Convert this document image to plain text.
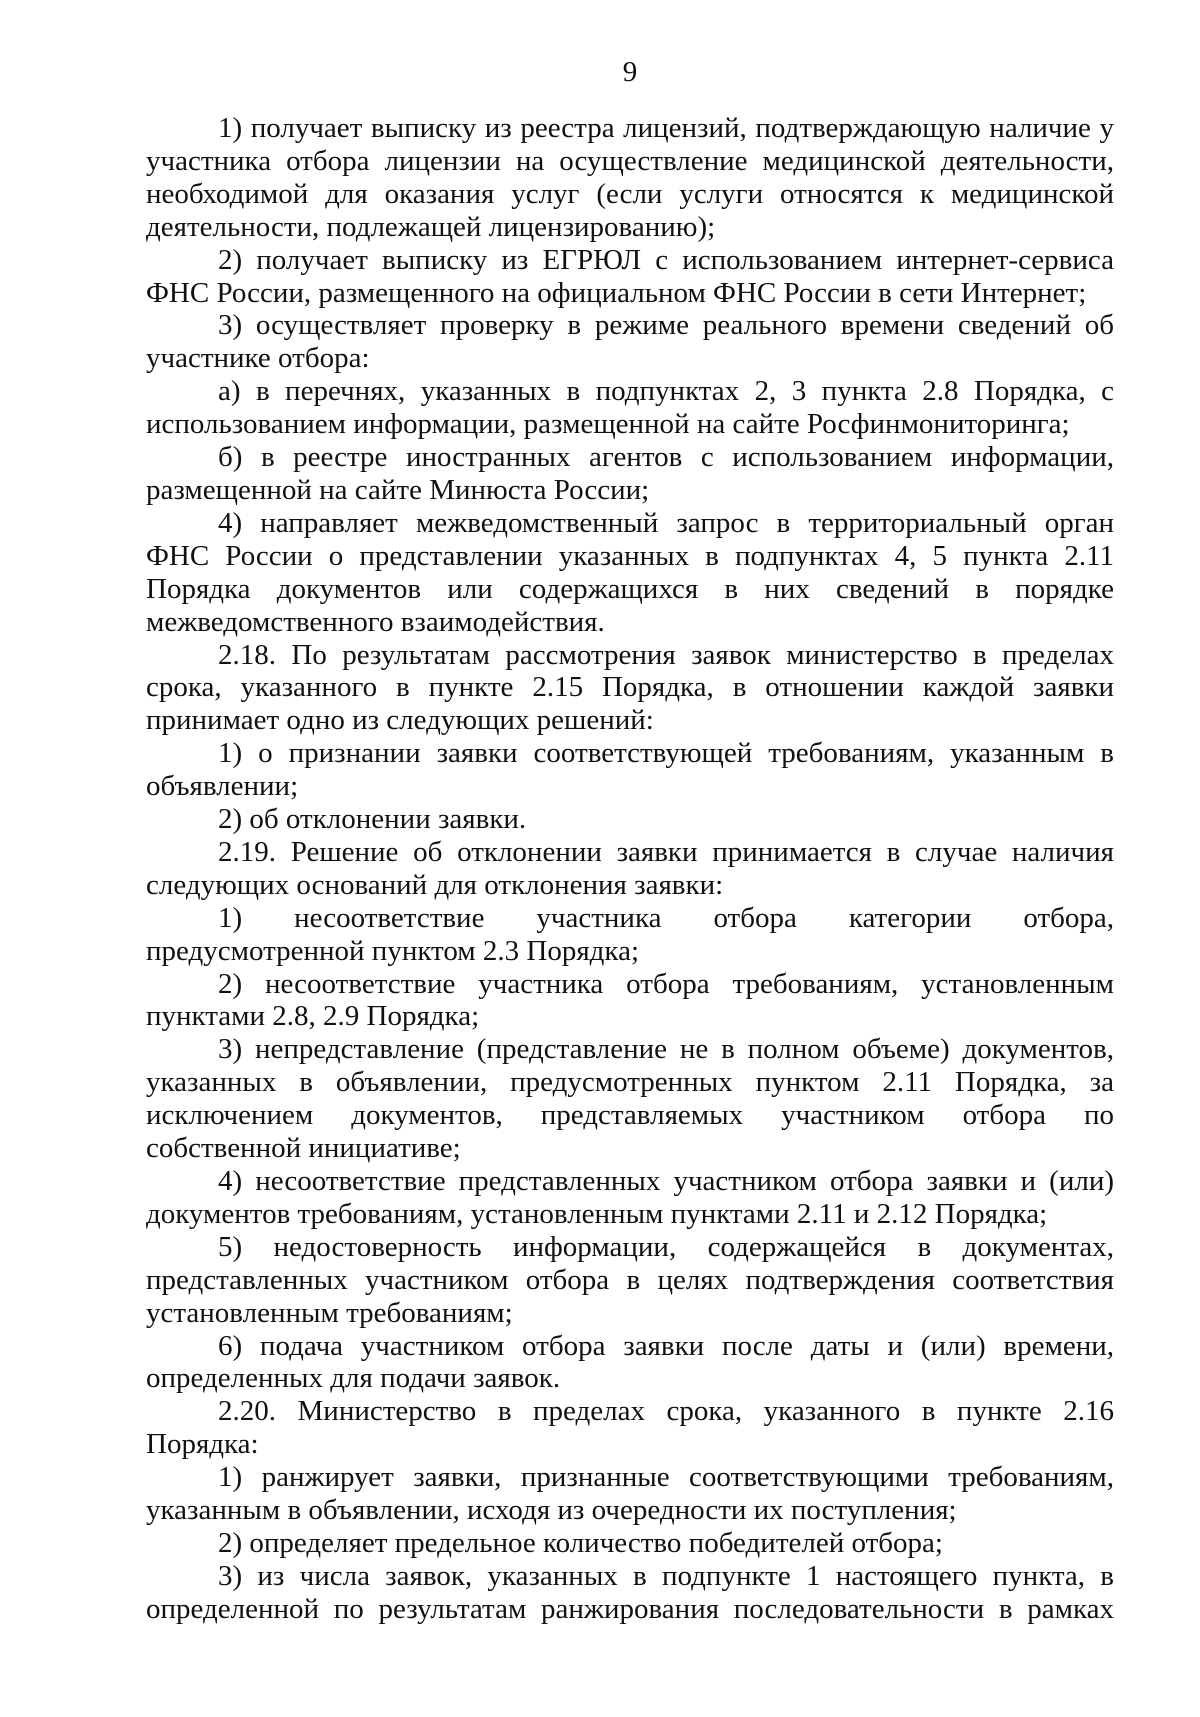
9

1) получает выписку из реестра лицензий, подтверждающую наличие у участника отбора лицензии на осуществление медицинской деятельности, необходимой для оказания услуг (если услуги относятся к медицинской деятельности, подлежащей лицензированию);

2) получает выписку из ЕГРЮЛ с использованием интернет-сервиса ФНС России, размещенного на официальном ФНС России в сети Интернет;

3) осуществляет проверку в режиме реального времени сведений об участнике отбора:

а) в перечнях, указанных в подпунктах 2, 3 пункта 2.8 Порядка, с использованием информации, размещенной на сайте Росфинмониторинга;

б) в реестре иностранных агентов с использованием информации, размещенной на сайте Минюста России;

4) направляет межведомственный запрос в территориальный орган ФНС России о представлении указанных в подпунктах 4, 5 пункта 2.11 Порядка документов или содержащихся в них сведений в порядке межведомственного взаимодействия.

2.18. По результатам рассмотрения заявок министерство в пределах срока, указанного в пункте 2.15 Порядка, в отношении каждой заявки принимает одно из следующих решений:

1) о признании заявки соответствующей требованиям, указанным в объявлении;

2) об отклонении заявки.

2.19. Решение об отклонении заявки принимается в случае наличия следующих оснований для отклонения заявки:

1) несоответствие участника отбора категории отбора, предусмотренной пунктом 2.3 Порядка;

2) несоответствие участника отбора требованиям, установленным пунктами 2.8, 2.9 Порядка;

3) непредставление (представление не в полном объеме) документов, указанных в объявлении, предусмотренных пунктом 2.11 Порядка, за исключением документов, представляемых участником отбора по собственной инициативе;

4) несоответствие представленных участником отбора заявки и (или) документов требованиям, установленным пунктами 2.11 и 2.12 Порядка;

5) недостоверность информации, содержащейся в документах, представленных участником отбора в целях подтверждения соответствия установленным требованиям;

6) подача участником отбора заявки после даты и (или) времени, определенных для подачи заявок.

2.20. Министерство в пределах срока, указанного в пункте 2.16 Порядка:

1) ранжирует заявки, признанные соответствующими требованиям, указанным в объявлении, исходя из очередности их поступления;

2) определяет предельное количество победителей отбора;

3) из числа заявок, указанных в подпункте 1 настоящего пункта, в определенной по результатам ранжирования последовательности в рамках
